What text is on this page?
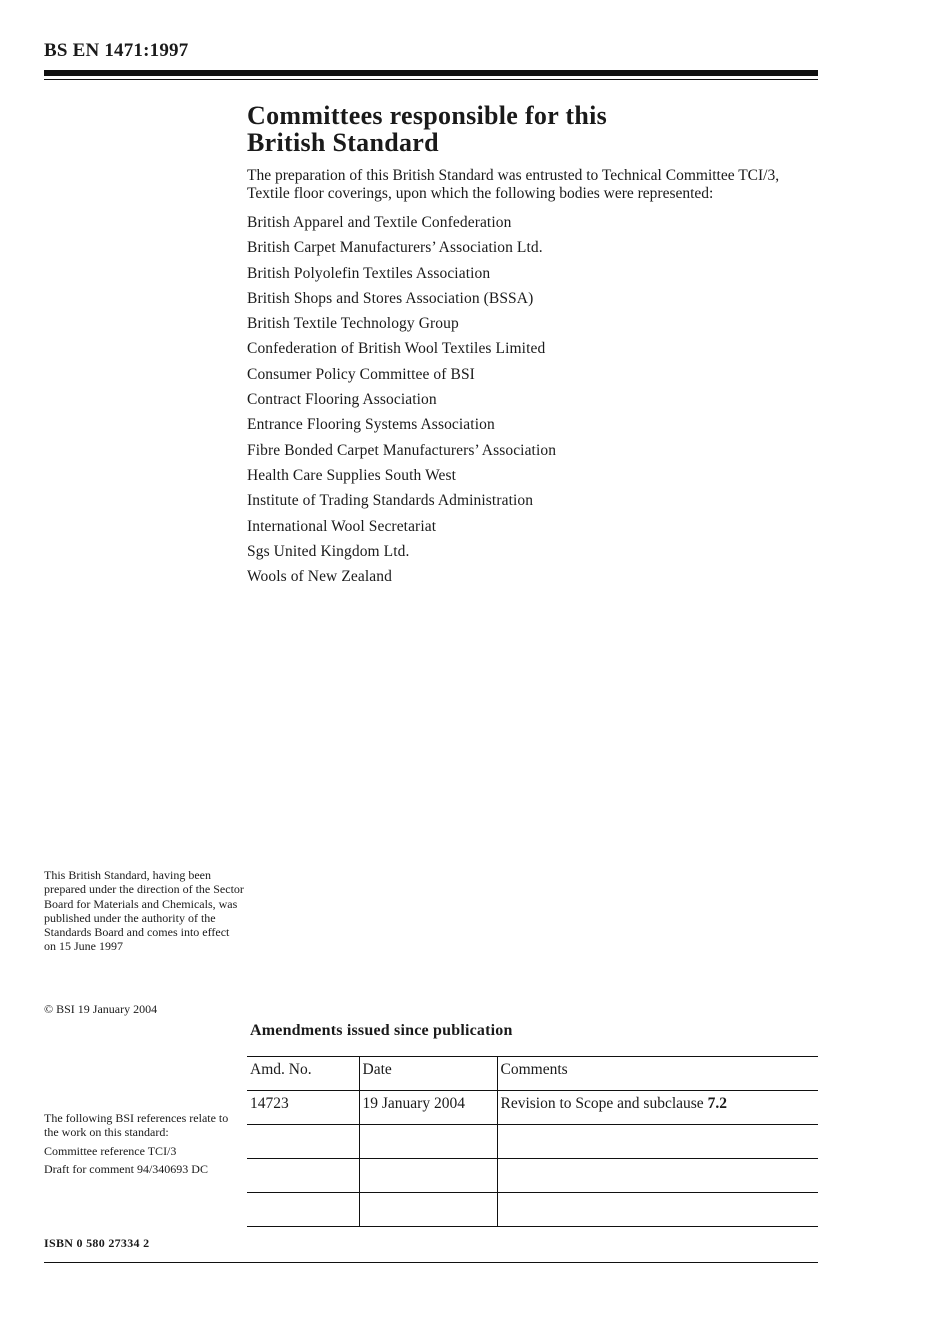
BS EN 1471:1997
Committees responsible for this
British Standard

The preparation of this British Standard was entrusted to Technical Committee TCI/3, Textile floor coverings, upon which the following bodies were represented:

British Apparel and Textile Confederation
British Carpet Manufacturers’ Association Ltd.
British Polyolefin Textiles Association
British Shops and Stores Association (BSSA)
British Textile Technology Group
Confederation of British Wool Textiles Limited
Consumer Policy Committee of BSI
Contract Flooring Association
Entrance Flooring Systems Association
Fibre Bonded Carpet Manufacturers’ Association
Health Care Supplies South West
Institute of Trading Standards Administration
International Wool Secretariat
Sgs United Kingdom Ltd.
Wools of New Zealand
This British Standard, having been prepared under the direction of the Sector Board for Materials and Chemicals, was published under the authority of the Standards Board and comes into effect on 15 June 1997
© BSI 19 January 2004
The following BSI references relate to the work on this standard:
Committee reference TCI/3
Draft for comment 94/340693 DC
ISBN 0 580 27334 2
Amendments issued since publication
Amd. No.	Date	Comments
14723	19 January 2004	Revision to Scope and subclause 7.2
